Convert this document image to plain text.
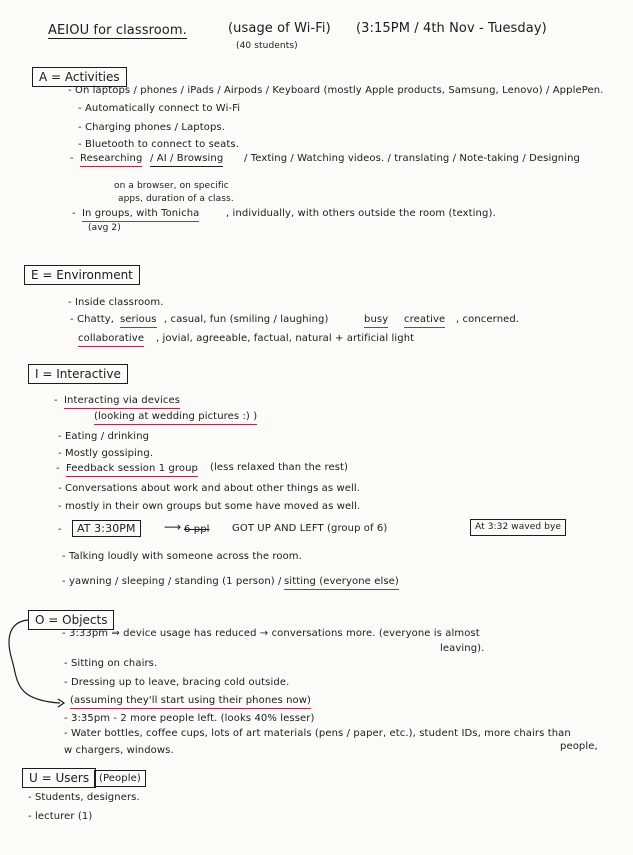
AEIOU for classroom.	(usage of Wi-Fi)
(40 students)
(3:15PM / 4th Nov - Tuesday)
A = Activities
- On laptops / phones / iPads / Airpods / Keyboard (mostly Apple products, Samsung, Lenovo) / ApplePen.
- Automatically connect to Wi-Fi
- Charging phones / Laptops.
- Bluetooth to connect to seats.
- Researching / AI / Browsing / Texting / Watching videos. / translating / Note-taking / Designing
on a browser, on specific
apps, duration of a class.
- In groups, with Tonicha	, individually, with others outside the room (texting).
(avg 2)
E = Environment
- Inside classroom.
- Chatty, serious , casual, fun (smiling / laughing)	busy creative , concerned.
collaborative , jovial, agreeable, factual, natural + artificial light
I = Interactive
- Interacting via devices
(looking at wedding pictures :) )
- Eating / drinking
- Mostly gossiping.
- Feedback session 1 group (less relaxed than the rest)
- Conversations about work and about other things as well.
- mostly in their own groups but some have moved as well.
-	AT 3:30PM	⟶ 6 ppl GOT UP AND LEFT (group of 6)	At 3:32 waved bye
- Talking loudly with someone across the room.
- yawning / sleeping / standing (1 person) / sitting (everyone else)
O = Objects
- 3:33pm ⇒ device usage has reduced → conversations more. (everyone is almost
leaving).
- Sitting on chairs.
- Dressing up to leave, bracing cold outside.
(assuming they'll start using their phones now)
- 3:35pm - 2 more people left. (looks 40% lesser)
- Water bottles, coffee cups, lots of art materials (pens / paper, etc.), student IDs, more chairs than
people,
w chargers, windows.
U = Users (People)
- Students, designers.
- lecturer (1)
